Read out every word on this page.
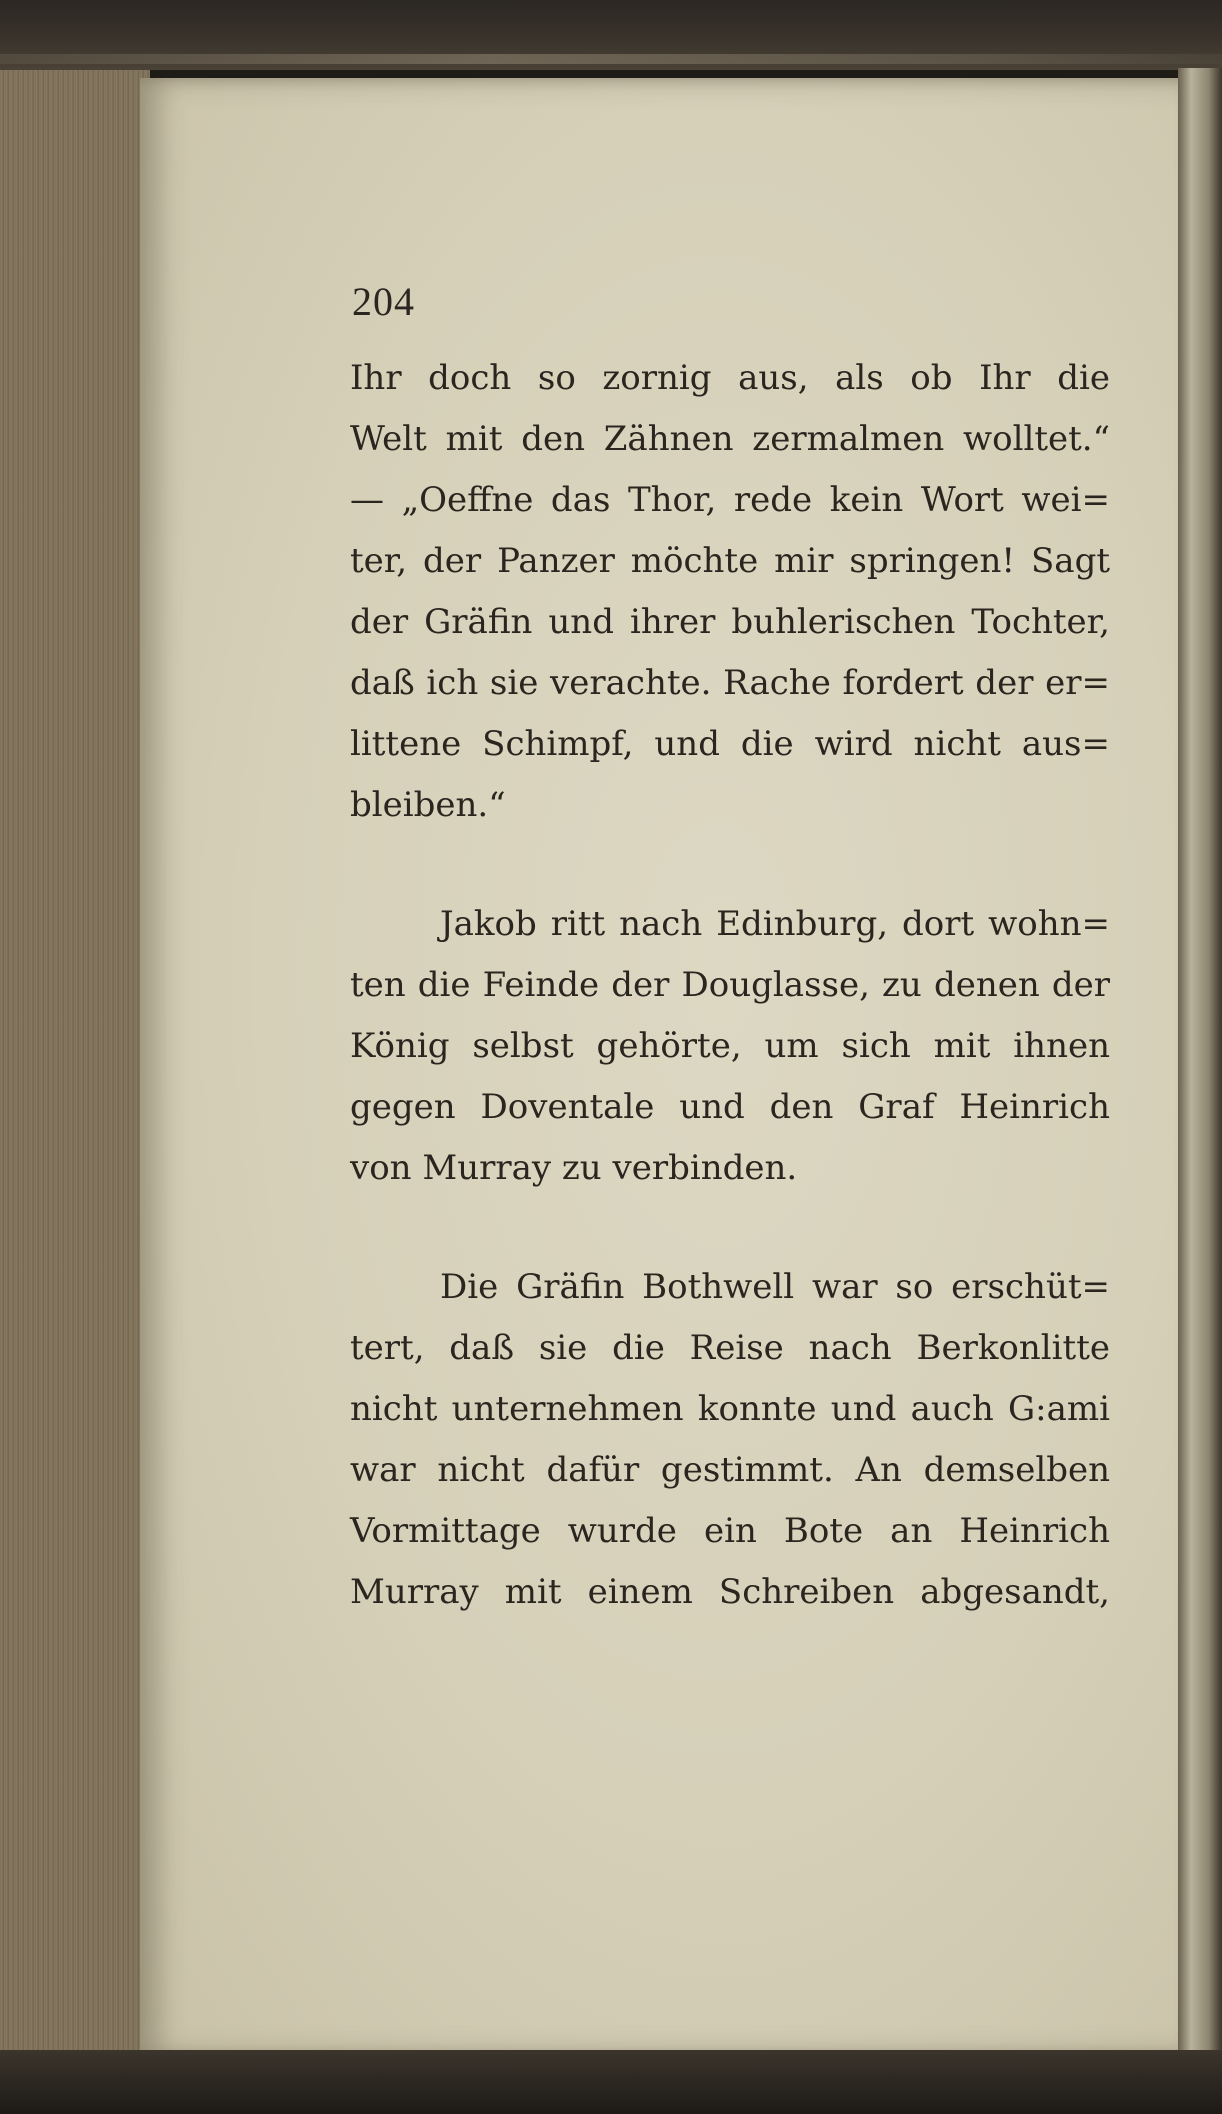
204
Ihr doch so zornig aus, als ob Ihr die
Welt mit den Zähnen zermalmen wolltet.“
— „Oeffne das Thor, rede kein Wort wei=
ter, der Panzer möchte mir springen! Sagt
der Gräfin und ihrer buhlerischen Tochter,
daß ich sie verachte. Rache fordert der er=
littene Schimpf, und die wird nicht aus=
bleiben.“
Jakob ritt nach Edinburg, dort wohn=
ten die Feinde der Douglasse, zu denen der
König selbst gehörte, um sich mit ihnen
gegen Doventale und den Graf Heinrich
von Murray zu verbinden.
Die Gräfin Bothwell war so erschüt=
tert, daß sie die Reise nach Berkonlitte
nicht unternehmen konnte und auch G:ami
war nicht dafür gestimmt. An demselben
Vormittage wurde ein Bote an Heinrich
Murray mit einem Schreiben abgesandt,
